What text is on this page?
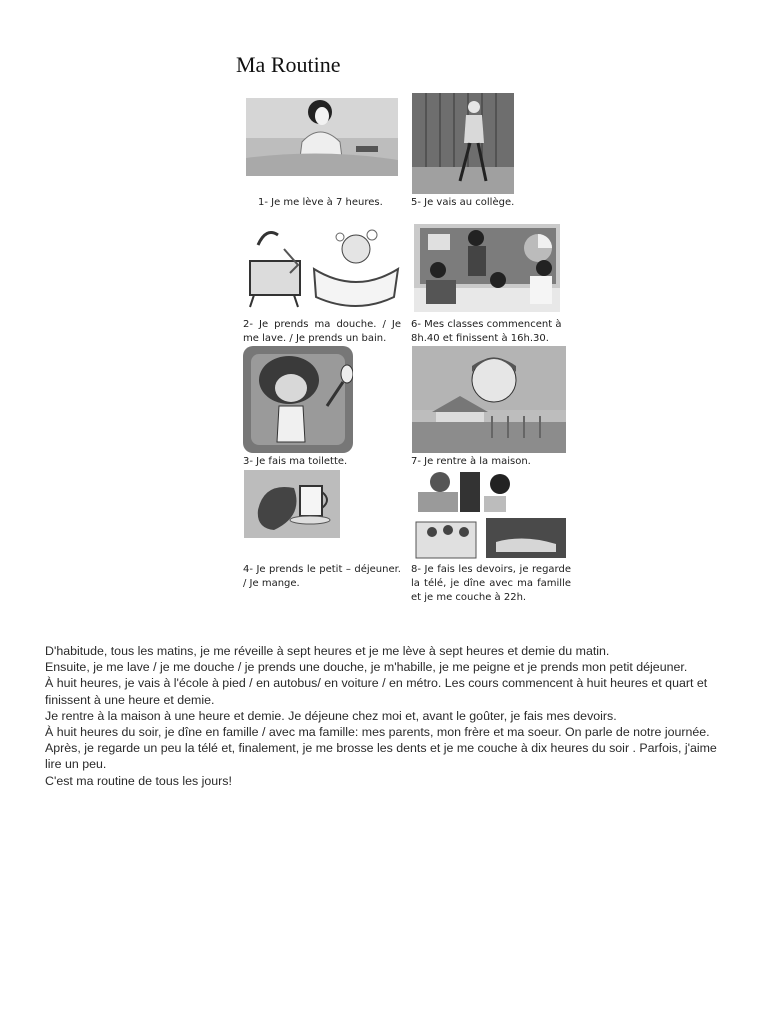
Ma Routine
1- Je me lève à 7 heures.	5- Je vais au collège.
2- Je prends ma douche. / Je me lave. / Je prends un bain.
6- Mes classes commencent à 8h.40 et finissent à 16h.30.
3- Je fais ma toilette.	7- Je rentre à la maison.
4- Je prends le petit – déjeuner. / Je mange.
8- Je fais les devoirs, je regarde la télé, je dîne avec ma famille et je me couche à 22h.

D'habitude, tous les matins, je me réveille à sept heures et je me lève à sept heures et demie du matin.

Ensuite, je me lave / je me douche / je prends une douche, je m'habille, je me peigne et je prends mon petit déjeuner.

À huit heures, je vais à l'école à pied / en autobus/ en voiture / en métro. Les cours commencent à huit heures et quart et finissent à une heure et demie.

Je rentre à la maison à une heure et demie. Je déjeune chez moi et, avant le goûter, je fais mes devoirs.

À huit heures du soir, je dîne en famille / avec ma famille: mes parents, mon frère et ma soeur. On parle de notre journée.

Après, je regarde un peu la télé et, finalement, je me brosse les dents et je me couche à dix heures du soir . Parfois, j'aime lire un peu.

C'est ma routine de tous les jours!
